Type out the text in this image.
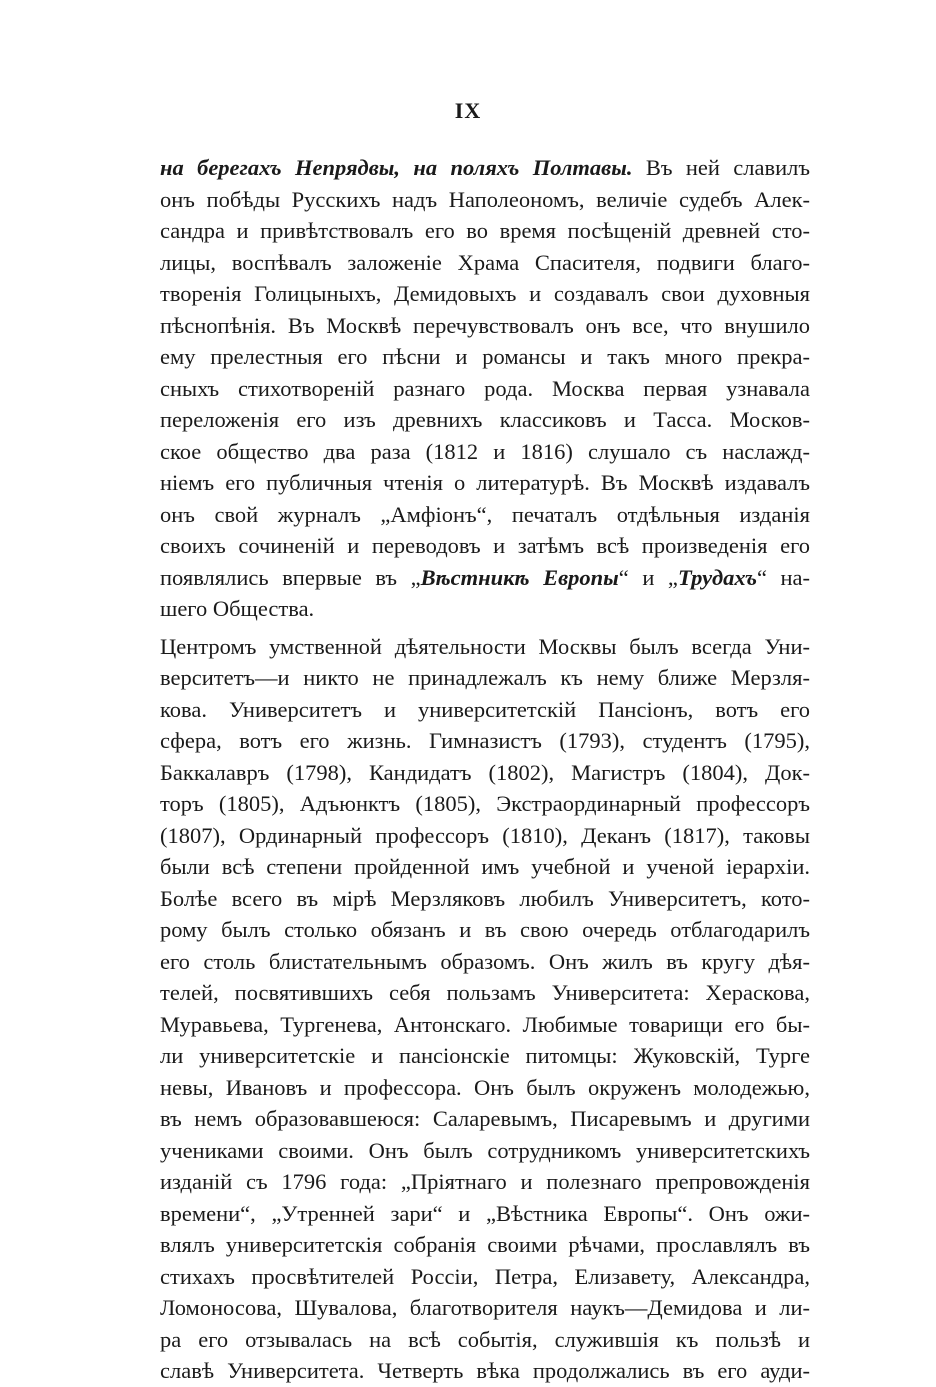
IX
на берегахъ Непрядвы, на поляхъ Полтавы. Въ ней славилъ
онъ побѣды Русскихъ надъ Наполеономъ, величіе судебъ Алек-
сандра и привѣтствовалъ его во время посѣщеній древней сто-
лицы, воспѣвалъ заложеніе Храма Спасителя, подвиги благо-
творенія Голицыныхъ, Демидовыхъ и создавалъ свои духовныя
пѣснопѣнія. Въ Москвѣ перечувствовалъ онъ все, что внушило
ему прелестныя его пѣсни и романсы и такъ много прекра-
сныхъ стихотвореній разнаго рода. Москва первая узнавала
переложенія его изъ древнихъ классиковъ и Тасса. Москов-
ское общество два раза (1812 и 1816) слушало съ наслажд-
ніемъ его публичныя чтенія о литературѣ. Въ Москвѣ издавалъ
онъ свой журналъ „Амфіонъ“, печаталъ отдѣльныя изданія
своихъ сочиненій и переводовъ и затѣмъ всѣ произведенія его
появлялись впервые въ „Вѣстникѣ Европы“ и „Трудахъ“ на-
шего Общества.
Центромъ умственной дѣятельности Москвы былъ всегда Уни-
верситетъ—и никто не принадлежалъ къ нему ближе Мерзля-
кова. Университетъ и университетскій Пансіонъ, вотъ его
сфера, вотъ его жизнь. Гимназистъ (1793), студентъ (1795),
Баккалавръ (1798), Кандидатъ (1802), Магистръ (1804), Док-
торъ (1805), Адъюнктъ (1805), Экстраординарный профессоръ
(1807), Ординарный профессоръ (1810), Деканъ (1817), таковы
были всѣ степени пройденной имъ учебной и ученой іерархіи.
Болѣе всего въ мірѣ Мерзляковъ любилъ Университетъ, кото-
рому былъ столько обязанъ и въ свою очередь отблагодарилъ
его столь блистательнымъ образомъ. Онъ жилъ въ кругу дѣя-
телей, посвятившихъ себя пользамъ Университета: Хераскова,
Муравьева, Тургенева, Антонскаго. Любимые товарищи его бы-
ли университетскіе и пансіонскіе питомцы: Жуковскій, Турге
невы, Ивановъ и профессора. Онъ былъ окруженъ молодежью,
въ немъ образовавшеюся: Саларевымъ, Писаревымъ и другими
учениками своими. Онъ былъ сотрудникомъ университетскихъ
изданій съ 1796 года: „Пріятнаго и полезнаго препровожденія
времени“, „Утренней зари“ и „Вѣстника Европы“. Онъ ожи-
влялъ университетскія собранія своими рѣчами, прославлялъ въ
стихахъ просвѣтителей Россіи, Петра, Елизавету, Александра,
Ломоносова, Шувалова, благотворителя наукъ—Демидова и ли-
ра его отзывалась на всѣ событія, служившія къ пользѣ и
славѣ Университета. Четверть вѣка продолжались въ его ауди-
